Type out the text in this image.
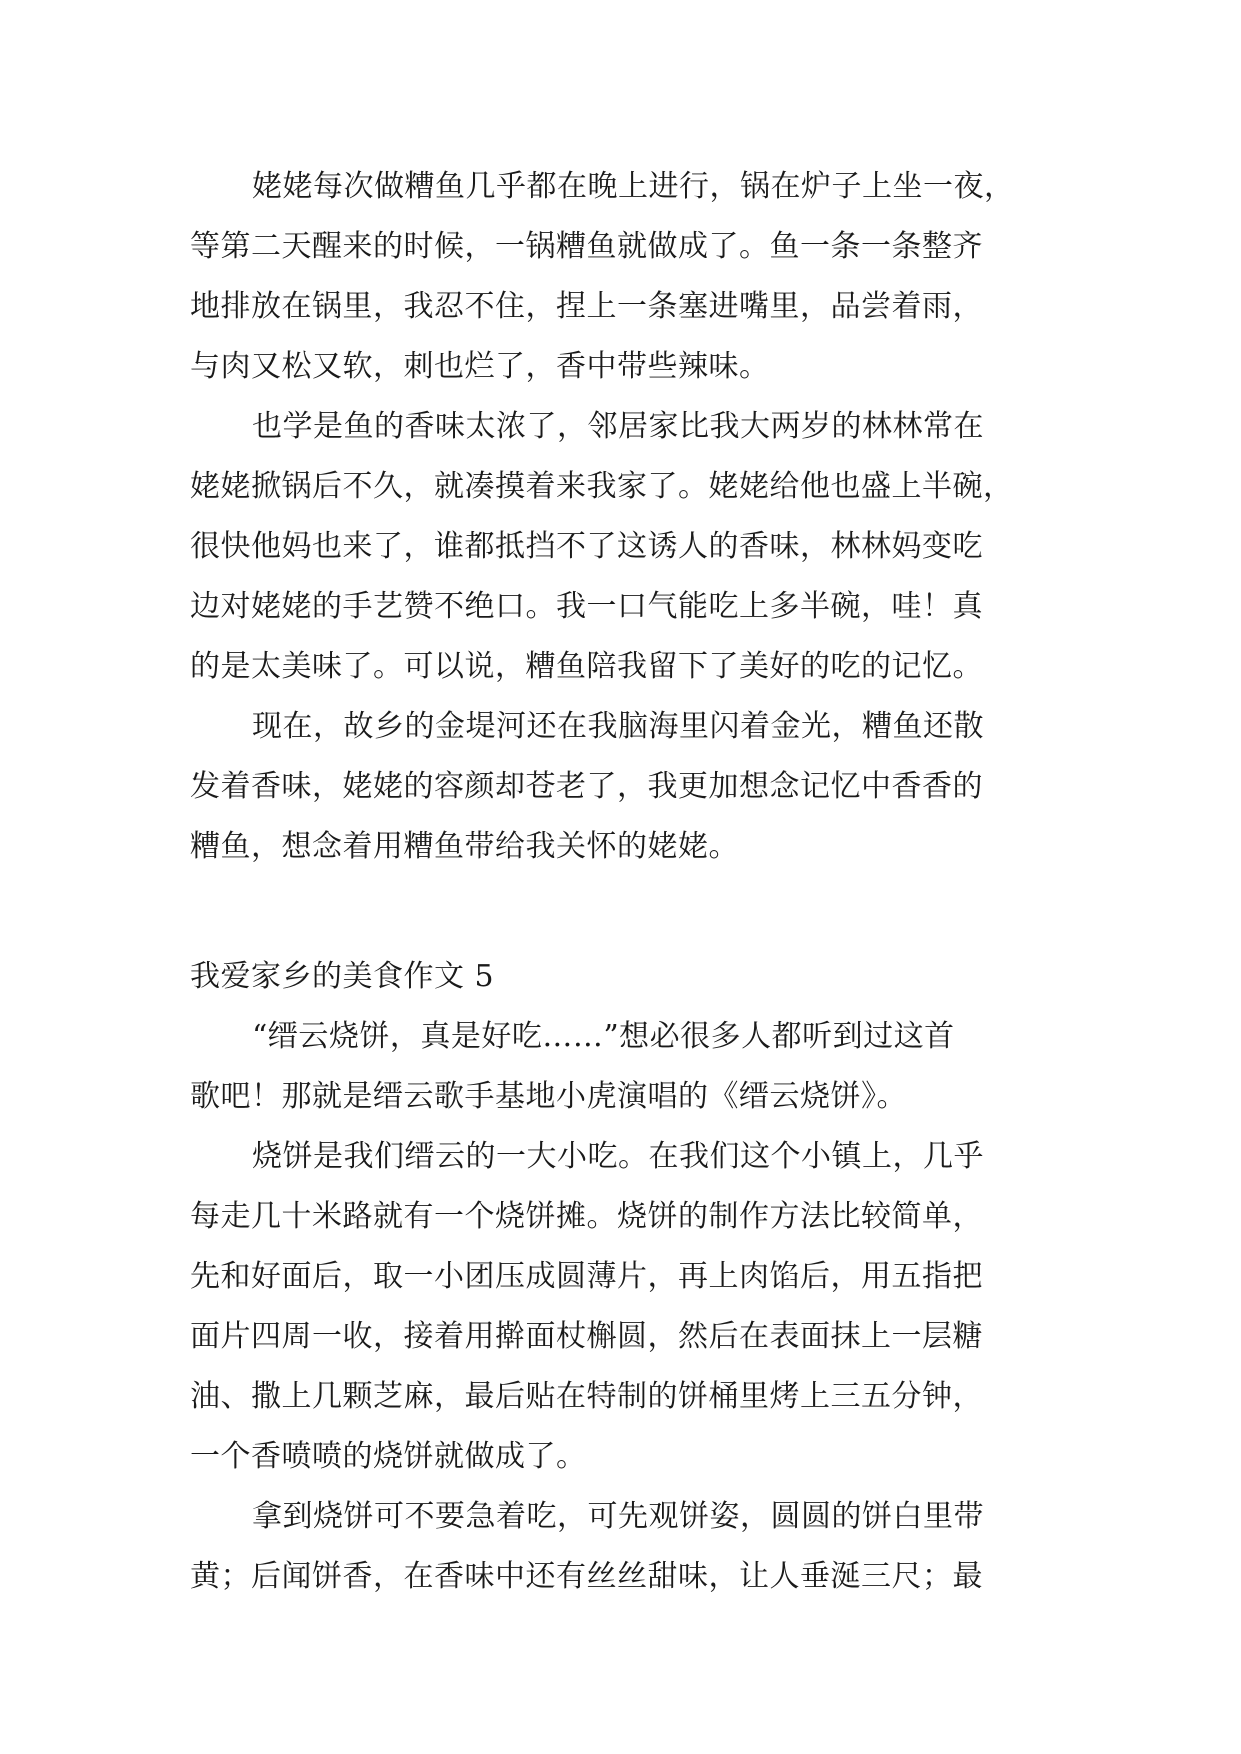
姥姥每次做糟鱼几乎都在晚上进行，锅在炉子上坐一夜，
等第二天醒来的时候，一锅糟鱼就做成了。鱼一条一条整齐
地排放在锅里，我忍不住，捏上一条塞进嘴里，品尝着雨，
与肉又松又软，刺也烂了，香中带些辣味。
也学是鱼的香味太浓了，邻居家比我大两岁的林林常在
姥姥掀锅后不久，就凑摸着来我家了。姥姥给他也盛上半碗，
很快他妈也来了，谁都抵挡不了这诱人的香味，林林妈变吃
边对姥姥的手艺赞不绝口。我一口气能吃上多半碗，哇！真
的是太美味了。可以说，糟鱼陪我留下了美好的吃的记忆。
现在，故乡的金堤河还在我脑海里闪着金光，糟鱼还散
发着香味，姥姥的容颜却苍老了，我更加想念记忆中香香的
糟鱼，想念着用糟鱼带给我关怀的姥姥。
我爱家乡的美食作文 5
“缙云烧饼，真是好吃……”想必很多人都听到过这首
歌吧！那就是缙云歌手基地小虎演唱的《缙云烧饼》。
烧饼是我们缙云的一大小吃。在我们这个小镇上，几乎
每走几十米路就有一个烧饼摊。烧饼的制作方法比较简单，
先和好面后，取一小团压成圆薄片，再上肉馅后，用五指把
面片四周一收，接着用擀面杖槲圆，然后在表面抹上一层糖
油、撒上几颗芝麻，最后贴在特制的饼桶里烤上三五分钟，
一个香喷喷的烧饼就做成了。
拿到烧饼可不要急着吃，可先观饼姿，圆圆的饼白里带
黄；后闻饼香，在香味中还有丝丝甜味，让人垂涎三尺；最
